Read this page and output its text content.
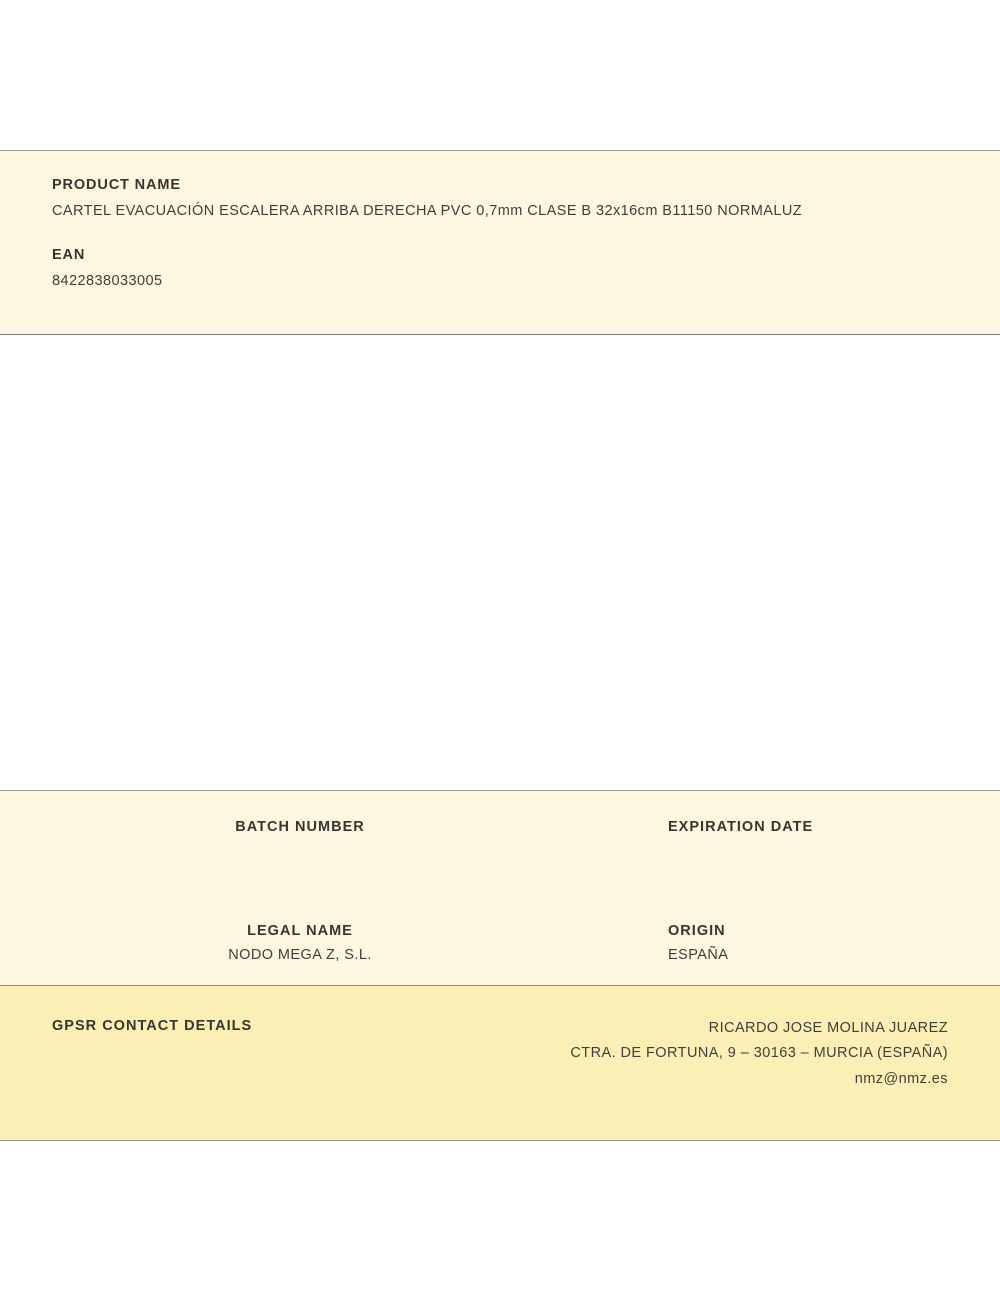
PRODUCT NAME

CARTEL EVACUACIÓN ESCALERA ARRIBA DERECHA PVC 0,7mm CLASE B 32x16cm B11150 NORMALUZ

EAN

8422838033005

BATCH NUMBER	EXPIRATION DATE

LEGAL NAME

NODO MEGA Z, S.L.

ORIGIN

ESPAÑA

GPSR CONTACT DETAILS	RICARDO JOSE MOLINA JUAREZ
CTRA. DE FORTUNA, 9 – 30163 – MURCIA (ESPAÑA)
nmz@nmz.es
